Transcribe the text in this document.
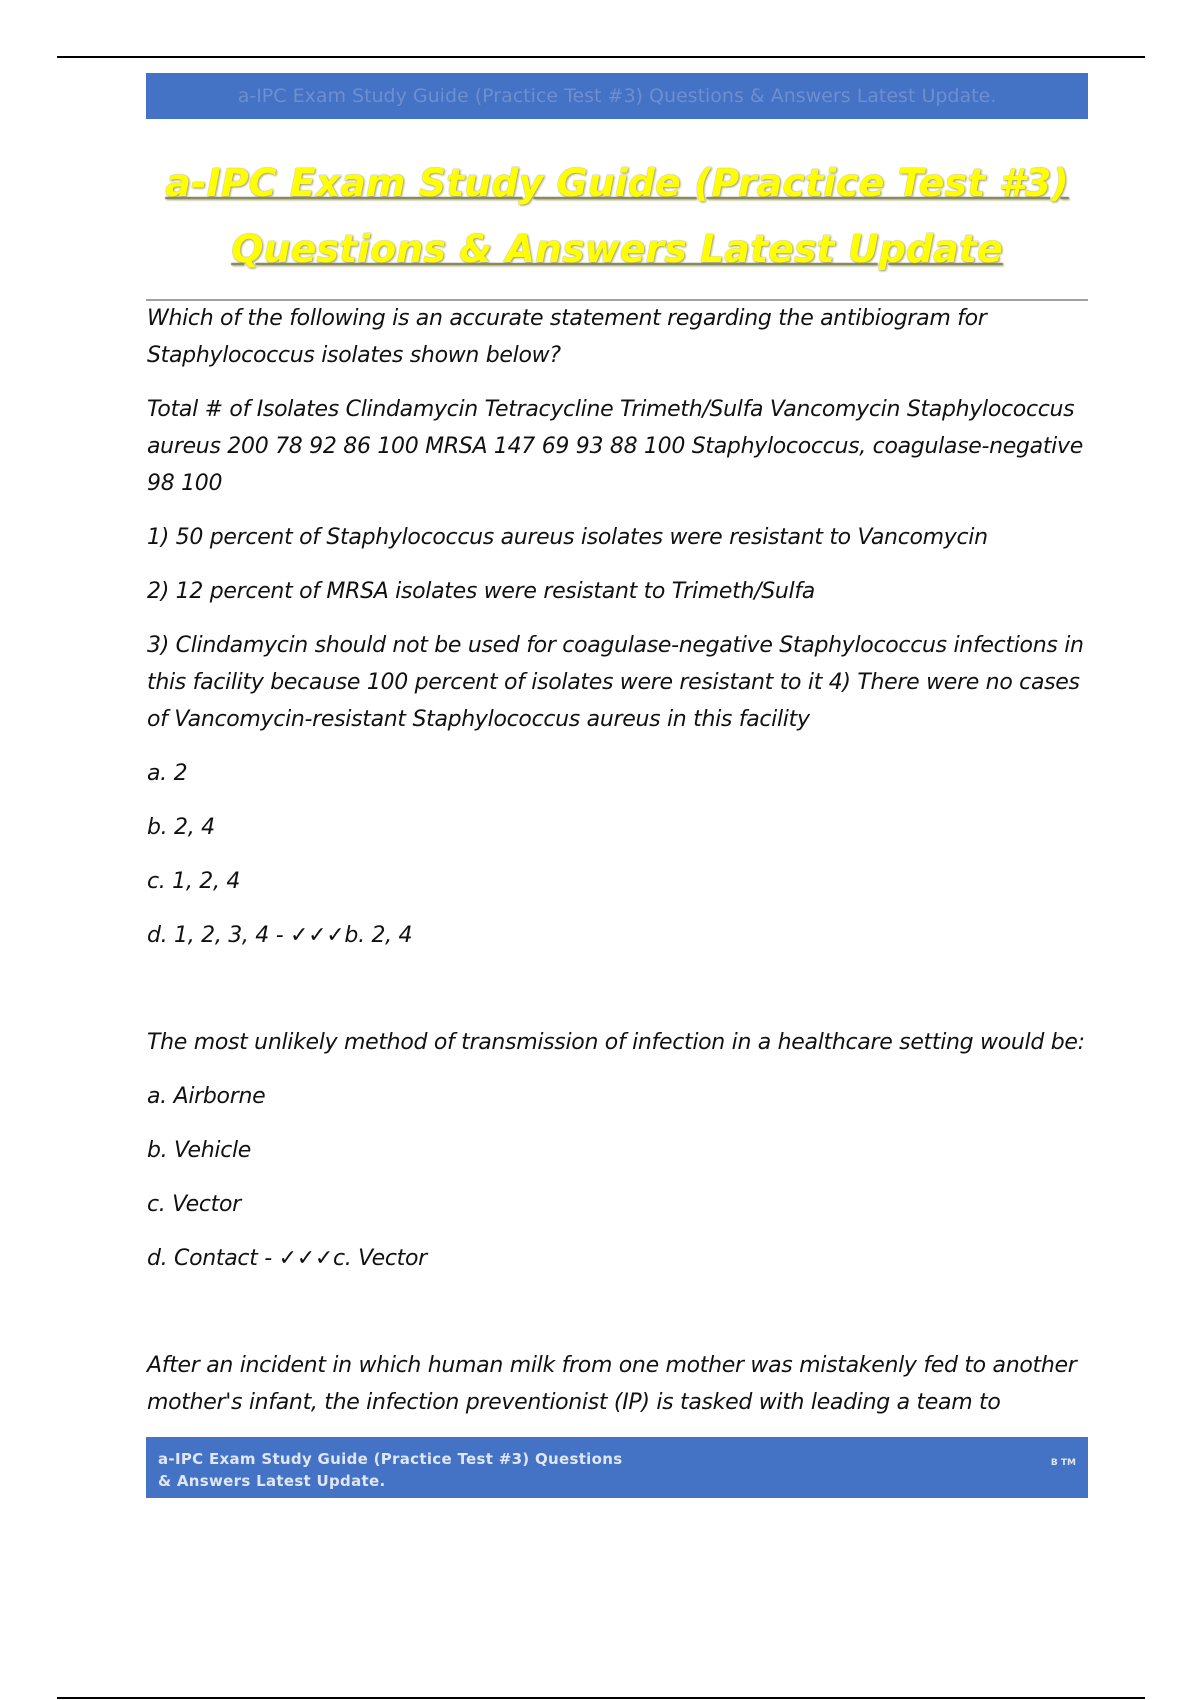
a-IPC Exam Study Guide (Practice Test #3) Questions & Answers Latest Update.
a-IPC Exam Study Guide (Practice Test #3)
Questions & Answers Latest Update

Which of the following is an accurate statement regarding the antibiogram for Staphylococcus isolates shown below?

Total # of Isolates Clindamycin Tetracycline Trimeth/Sulfa Vancomycin Staphylococcus aureus 200 78 92 86 100 MRSA 147 69 93 88 100 Staphylococcus, coagulase-negative 98 100

1) 50 percent of Staphylococcus aureus isolates were resistant to Vancomycin

2) 12 percent of MRSA isolates were resistant to Trimeth/Sulfa

3) Clindamycin should not be used for coagulase-negative Staphylococcus infections in this facility because 100 percent of isolates were resistant to it 4) There were no cases of Vancomycin-resistant Staphylococcus aureus in this facility

a. 2

b. 2, 4

c. 1, 2, 4

d. 1, 2, 3, 4 - ✓✓✓b. 2, 4

The most unlikely method of transmission of infection in a healthcare setting would be:

a. Airborne

b. Vehicle

c. Vector

d. Contact - ✓✓✓c. Vector

After an incident in which human milk from one mother was mistakenly fed to another mother's infant, the infection preventionist (IP) is tasked with leading a team to

a-IPC Exam Study Guide (Practice Test #3) Questions
& Answers Latest Update.
B TM
